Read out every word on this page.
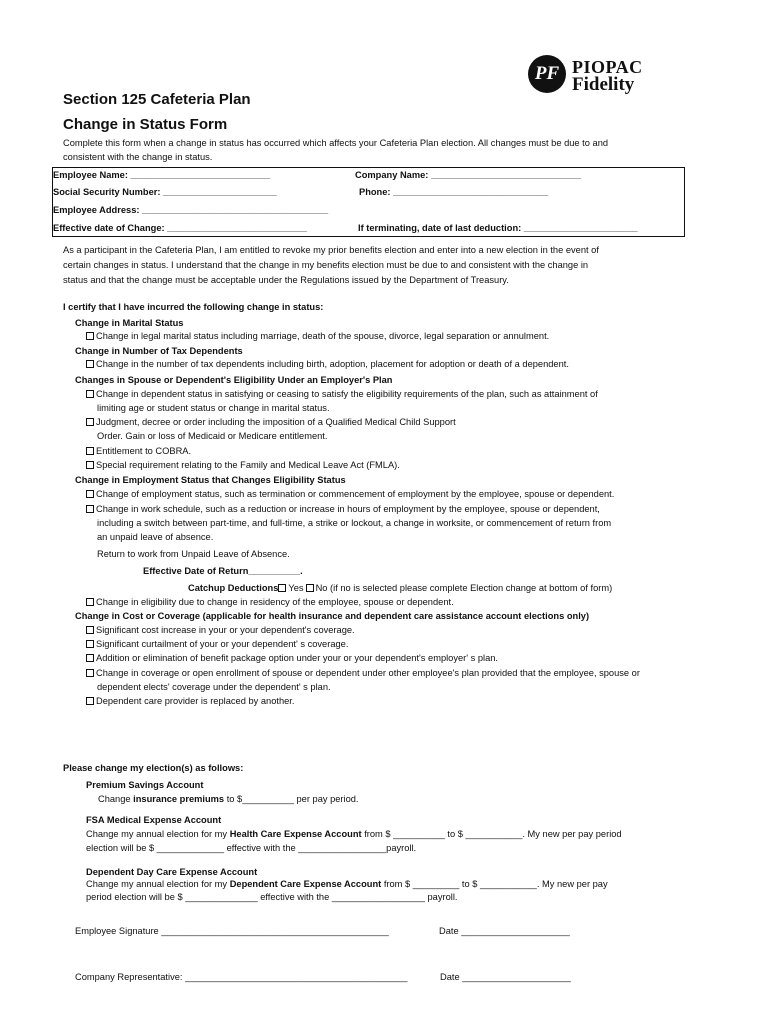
PF PIOPAC
Fidelity
Section 125 Cafeteria Plan
Change in Status Form
Complete this form when a change in status has occurred which affects your Cafeteria Plan election. All changes must be due to and
consistent with the change in status.
Employee Name: ___________________________	Company Name: _____________________________
Social Security Number: ______________________	Phone: ______________________________
Employee Address: ____________________________________
Effective date of Change: ___________________________	If terminating, date of last deduction: ______________________
As a participant in the Cafeteria Plan, I am entitled to revoke my prior benefits election and enter into a new election in the event of
certain changes in status. I understand that the change in my benefits election must be due to and consistent with the change in
status and that the change must be acceptable under the Regulations issued by the Department of Treasury.
I certify that I have incurred the following change in status:
Change in Marital Status
Change in legal marital status including marriage, death of the spouse, divorce, legal separation or annulment.
Change in Number of Tax Dependents
Change in the number of tax dependents including birth, adoption, placement for adoption or death of a dependent.
Changes in Spouse or Dependent's Eligibility Under an Employer's Plan
Change in dependent status in satisfying or ceasing to satisfy the eligibility requirements of the plan, such as attainment of
limiting age or student status or change in marital status.
Judgment, decree or order including the imposition of a Qualified Medical Child Support
Order. Gain or loss of Medicaid or Medicare entitlement.
Entitlement to COBRA.
Special requirement relating to the Family and Medical Leave Act (FMLA).
Change in Employment Status that Changes Eligibility Status
Change of employment status, such as termination or commencement of employment by the employee, spouse or dependent.
Change in work schedule, such as a reduction or increase in hours of employment by the employee, spouse or dependent,
including a switch between part-time, and full-time, a strike or lockout, a change in worksite, or commencement of return from
an unpaid leave of absence.
Return to work from Unpaid Leave of Absence.
Effective Date of Return__________.
Catchup Deductions Yes No (if no is selected please complete Election change at bottom of form)
Change in eligibility due to change in residency of the employee, spouse or dependent.
Change in Cost or Coverage (applicable for health insurance and dependent care assistance account elections only)
Significant cost increase in your or your dependent's coverage.
Significant curtailment of your or your dependent' s coverage.
Addition or elimination of benefit package option under your or your dependent's employer' s plan.
Change in coverage or open enrollment of spouse or dependent under other employee's plan provided that the employee, spouse or
dependent elects' coverage under the dependent' s plan.
Dependent care provider is replaced by another.
Please change my election(s) as follows:
Premium Savings Account
Change insurance premiums to $__________ per pay period.
FSA Medical Expense Account
Change my annual election for my Health Care Expense Account from $ __________ to $ ___________. My new per pay period
election will be $ _____________ effective with the _________________payroll.
Dependent Day Care Expense Account
Change my annual election for my Dependent Care Expense Account from $ _________ to $ ___________. My new per pay
period election will be $ ______________ effective with the __________________ payroll.
Employee Signature ____________________________________________	Date _____________________
Company Representative: ___________________________________________	Date _____________________
